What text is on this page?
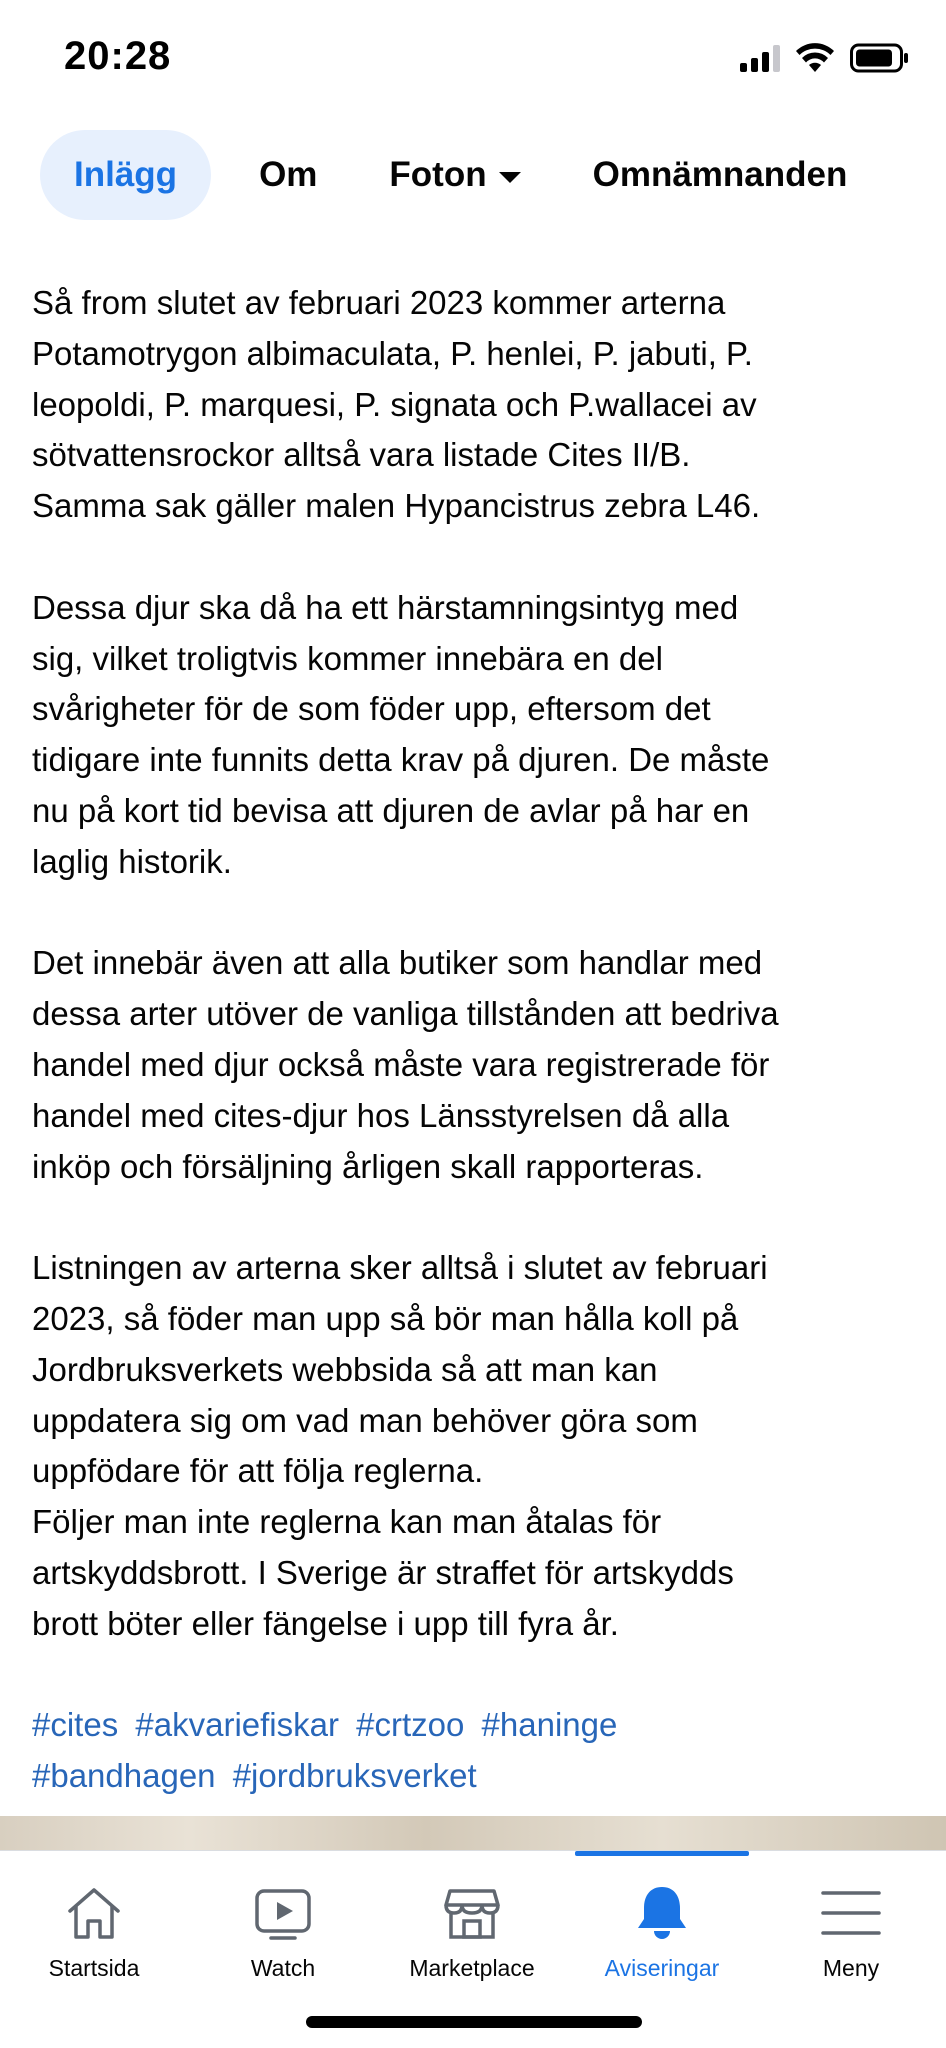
20:28
Inlägg Om Foton	Omnämnanden
Så from slutet av februari 2023 kommer arterna
Potamotrygon albimaculata, P. henlei, P. jabuti, P.
leopoldi, P. marquesi, P. signata och P.wallacei av
sötvattensrockor alltså vara listade Cites II/B.
Samma sak gäller malen Hypancistrus zebra L46.
Dessa djur ska då ha ett härstamningsintyg med
sig, vilket troligtvis kommer innebära en del
svårigheter för de som föder upp, eftersom det
tidigare inte funnits detta krav på djuren. De måste
nu på kort tid bevisa att djuren de avlar på har en
laglig historik.
Det innebär även att alla butiker som handlar med
dessa arter utöver de vanliga tillstånden att bedriva
handel med djur också måste vara registrerade för
handel med cites-djur hos Länsstyrelsen då alla
inköp och försäljning årligen skall rapporteras.
Listningen av arterna sker alltså i slutet av februari
2023, så föder man upp så bör man hålla koll på
Jordbruksverkets webbsida så att man kan
uppdatera sig om vad man behöver göra som
uppfödare för att följa reglerna.
Följer man inte reglerna kan man åtalas för
artskyddsbrott. I Sverige är straffet för artskydds
brott böter eller fängelse i upp till fyra år.
#cites #akvariefiskar #crtzoo #haninge
#bandhagen #jordbruksverket
Startsida	Watch	Marketplace	Aviseringar	Meny
